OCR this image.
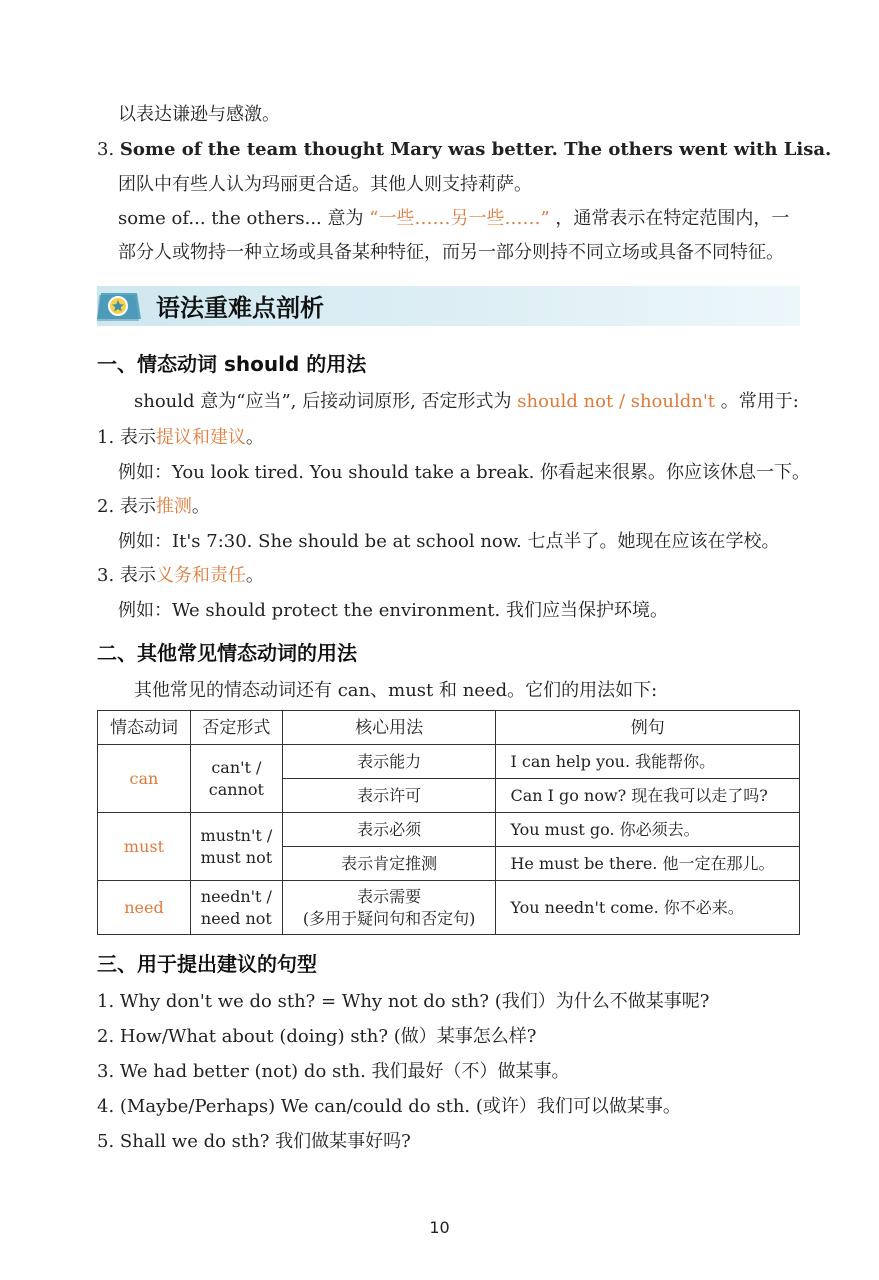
以表达谦逊与感激。
3. Some of the team thought Mary was better. The others went with Lisa.
团队中有些人认为玛丽更合适。其他人则支持莉萨。
some of... the others... 意为 “一些……另一些……” ，通常表示在特定范围内，一
部分人或物持一种立场或具备某种特征，而另一部分则持不同立场或具备不同特征。
语法重难点剖析
一、情态动词 should 的用法
should 意为“应当”, 后接动词原形, 否定形式为 should not / shouldn't 。常用于:
1. 表示提议和建议。
例如：You look tired. You should take a break. 你看起来很累。你应该休息一下。
2. 表示推测。
例如：It's 7:30. She should be at school now. 七点半了。她现在应该在学校。
3. 表示义务和责任。
例如：We should protect the environment. 我们应当保护环境。
二、其他常见情态动词的用法
其他常见的情态动词还有 can、must 和 need。它们的用法如下:
情态动词	否定形式	核心用法	例句
can	can't /
cannot	表示能力	I can help you. 我能帮你。
		表示许可	Can I go now? 现在我可以走了吗?
must	mustn't /
must not	表示必须	You must go. 你必须去。
		表示肯定推测	He must be there. 他一定在那儿。
need	needn't /
need not	表示需要
(多用于疑问句和否定句)	You needn't come. 你不必来。
三、用于提出建议的句型
1. Why don't we do sth? = Why not do sth? (我们）为什么不做某事呢?
2. How/What about (doing) sth? (做）某事怎么样?
3. We had better (not) do sth. 我们最好（不）做某事。
4. (Maybe/Perhaps) We can/could do sth. (或许）我们可以做某事。
5. Shall we do sth? 我们做某事好吗?
10
